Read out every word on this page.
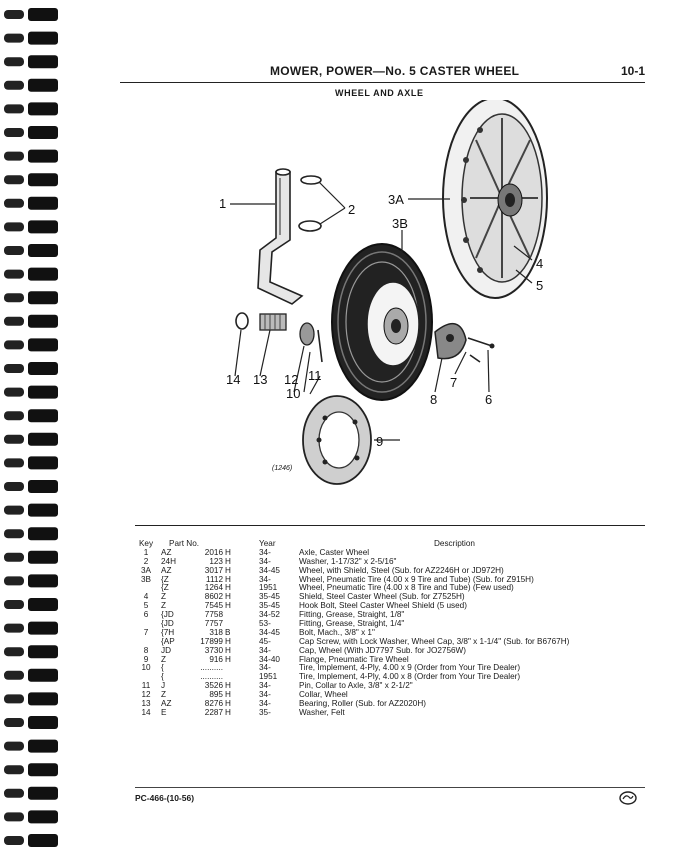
MOWER, POWER—No. 5 CASTER WHEEL	10-1
WHEEL AND AXLE
1	2
3A
3B
4
5
6
7
8
9
10
11
12
13
14
(1246)
Key	Part No.	Year	Description
1	AZ	2016 H	34-	Axle, Caster Wheel
2	24H	123 H	34-	Washer, 1-17/32" x 2-5/16"
3A	AZ	3017 H	34-45	Wheel, with Shield, Steel (Sub. for AZ2246H or JD972H)
3B	{Z	1112 H	34-	Wheel, Pneumatic Tire (4.00 x 9 Tire and Tube) (Sub. for Z915H)
{Z	1264 H	1951	Wheel, Pneumatic Tire (4.00 x 8 Tire and Tube) (Few used)
4	Z	8602 H	35-45	Shield, Steel Caster Wheel (Sub. for Z7525H)
5	Z	7545 H	35-45	Hook Bolt, Steel Caster Wheel Shield (5 used)
6	{JD	7758	34-52	Fitting, Grease, Straight, 1/8"
{JD	7757	53-	Fitting, Grease, Straight, 1/4"
7	{7H	318 B	34-45	Bolt, Mach., 3/8" x 1"
{AP	17899 H	45-	Cap Screw, with Lock Washer, Wheel Cap, 3/8" x 1-1/4" (Sub. for B6767H)
8	JD	3730 H	34-	Cap, Wheel (With JD7797 Sub. for JO2756W)
9	Z	916 H	34-40	Flange, Pneumatic Tire Wheel
10	{	..........	34-	Tire, Implement, 4-Ply, 4.00 x 9 (Order from Your Tire Dealer)
{	..........	1951	Tire, Implement, 4-Ply, 4.00 x 8 (Order from Your Tire Dealer)
11	J	3526 H	34-	Pin, Collar to Axle, 3/8" x 2-1/2"
12	Z	895 H	34-	Collar, Wheel
13	AZ	8276 H	34-	Bearing, Roller (Sub. for AZ2020H)
14	E	2287 H	35-	Washer, Felt
PC-466-(10-56)
